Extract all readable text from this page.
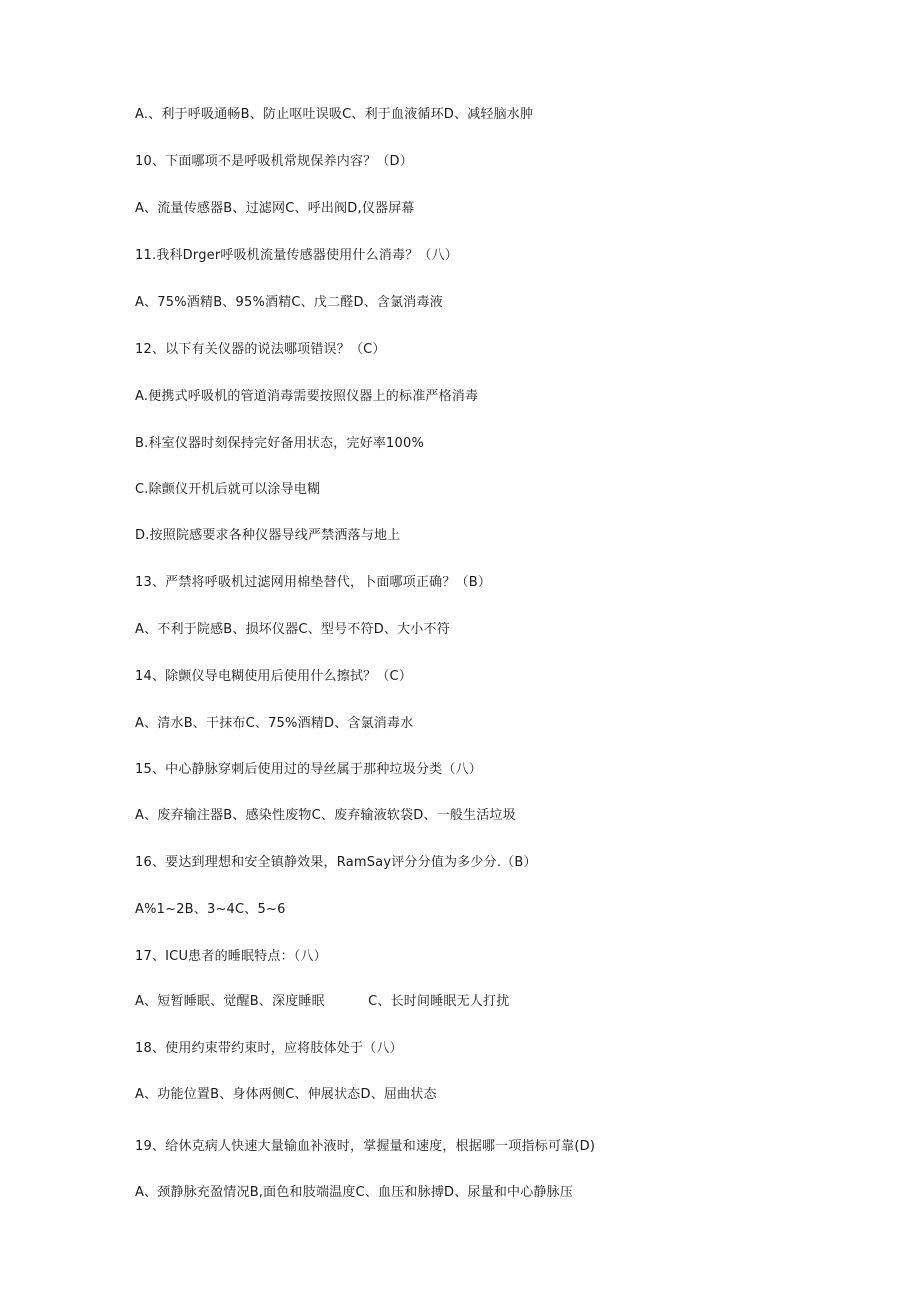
A.、利于呼吸通畅B、防止呕吐误吸C、利于血液循环D、减轻脑水肿
10、下面哪项不是呼吸机常规保养内容？（D）
A、流量传感器B、过滤网C、呼出阀D,仪器屏幕
11.我科Drger呼吸机流量传感器使用什么消毒？（八）
A、75%酒精B、95%酒精C、戊二醛D、含氯消毒液
12、以下有关仪器的说法哪项错误？（C）
A.便携式呼吸机的管道消毒需要按照仪器上的标准严格消毒
B.科室仪器时刻保持完好备用状态，完好率100%
C.除颤仪开机后就可以涂导电糊
D.按照院感要求各种仪器导线严禁洒落与地上
13、严禁将呼吸机过滤网用棉垫替代，卜面哪项正确？（B）
A、不利于院感B、损坏仪器C、型号不符D、大小不符
14、除颤仪导电糊使用后使用什么擦拭？（C）
A、清水B、干抹布C、75%酒精D、含氯消毒水
15、中心静脉穿刺后使用过的导丝属于那种垃圾分类（八）
A、废弃输注器B、感染性废物C、废弃输液软袋D、一般生活垃圾
16、要达到理想和安全镇静效果，RamSay评分分值为多少分.（B）
A%1~2B、3~4C、5~6
17、ICU患者的睡眠特点：（八）
A、短暂睡眠、觉醒B、深度睡眠          C、长时间睡眠无人打扰
18、使用约束带约束时，应将肢体处于（八）
A、功能位置B、身体两侧C、伸展状态D、屈曲状态
19、给休克病人快速大量输血补液时，掌握量和速度，根据哪一项指标可靠(D)
A、颈静脉充盈情况B,面色和肢端温度C、血压和脉搏D、尿量和中心静脉压
